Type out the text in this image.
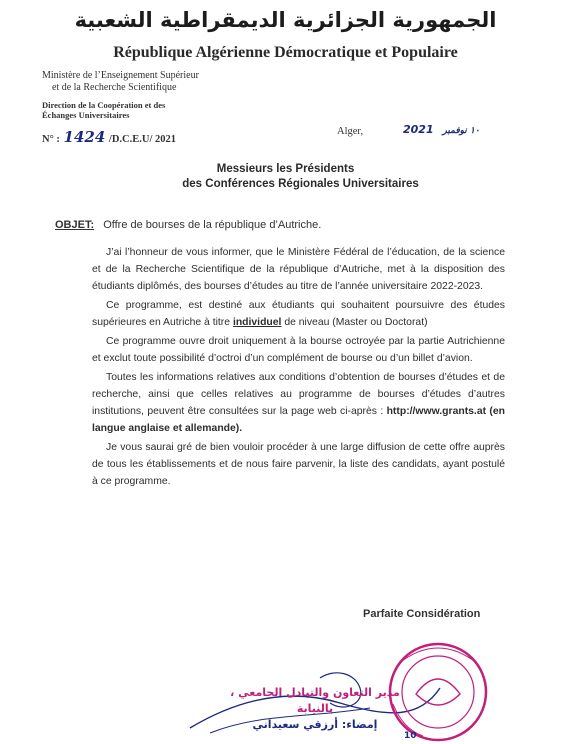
الجمهورية الجزائرية الديمقراطية الشعبية
République Algérienne Démocratique et Populaire
Ministère de l’Enseignement Supérieur
et de la Recherche Scientifique
Direction de la Coopération et des
Échanges Universitaires
N° : 1424 /D.C.E.U/ 2021
Alger,	2021 ١٠ نوفمبر
Messieurs les Présidents
des Conférences Régionales Universitaires
OBJET: Offre de bourses de la république d’Autriche.

J’ai l’honneur de vous informer, que le Ministère Fédéral de l’éducation, de la science et de la Recherche Scientifique de la république d’Autriche, met à la disposition des étudiants diplômés, des bourses d’études au titre de l’année universitaire 2022-2023.

Ce programme, est destiné aux étudiants qui souhaitent poursuivre des études supérieures en Autriche à titre individuel de niveau (Master ou Doctorat)

Ce programme ouvre droit uniquement à la bourse octroyée par la partie Autrichienne et exclut toute possibilité d’octroi d’un complément de bourse ou d’un billet d’avion.

Toutes les informations relatives aux conditions d’obtention de bourses d’études et de recherche, ainsi que celles relatives au programme de bourses d’études d’autres institutions, peuvent être consultées sur la page web ci-après : http://www.grants.at (en langue anglaise et allemande).

Je vous saurai gré de bien vouloir procéder à une large diffusion de cette offre auprès de tous les établissements et de nous faire parvenir, la liste des candidats, ayant postulé à ce programme.

Parfaite Considération
10
مدير التعاون والتبادل الجامعي ، بالنيابة
إمضاء: أرزقي سعيداني
